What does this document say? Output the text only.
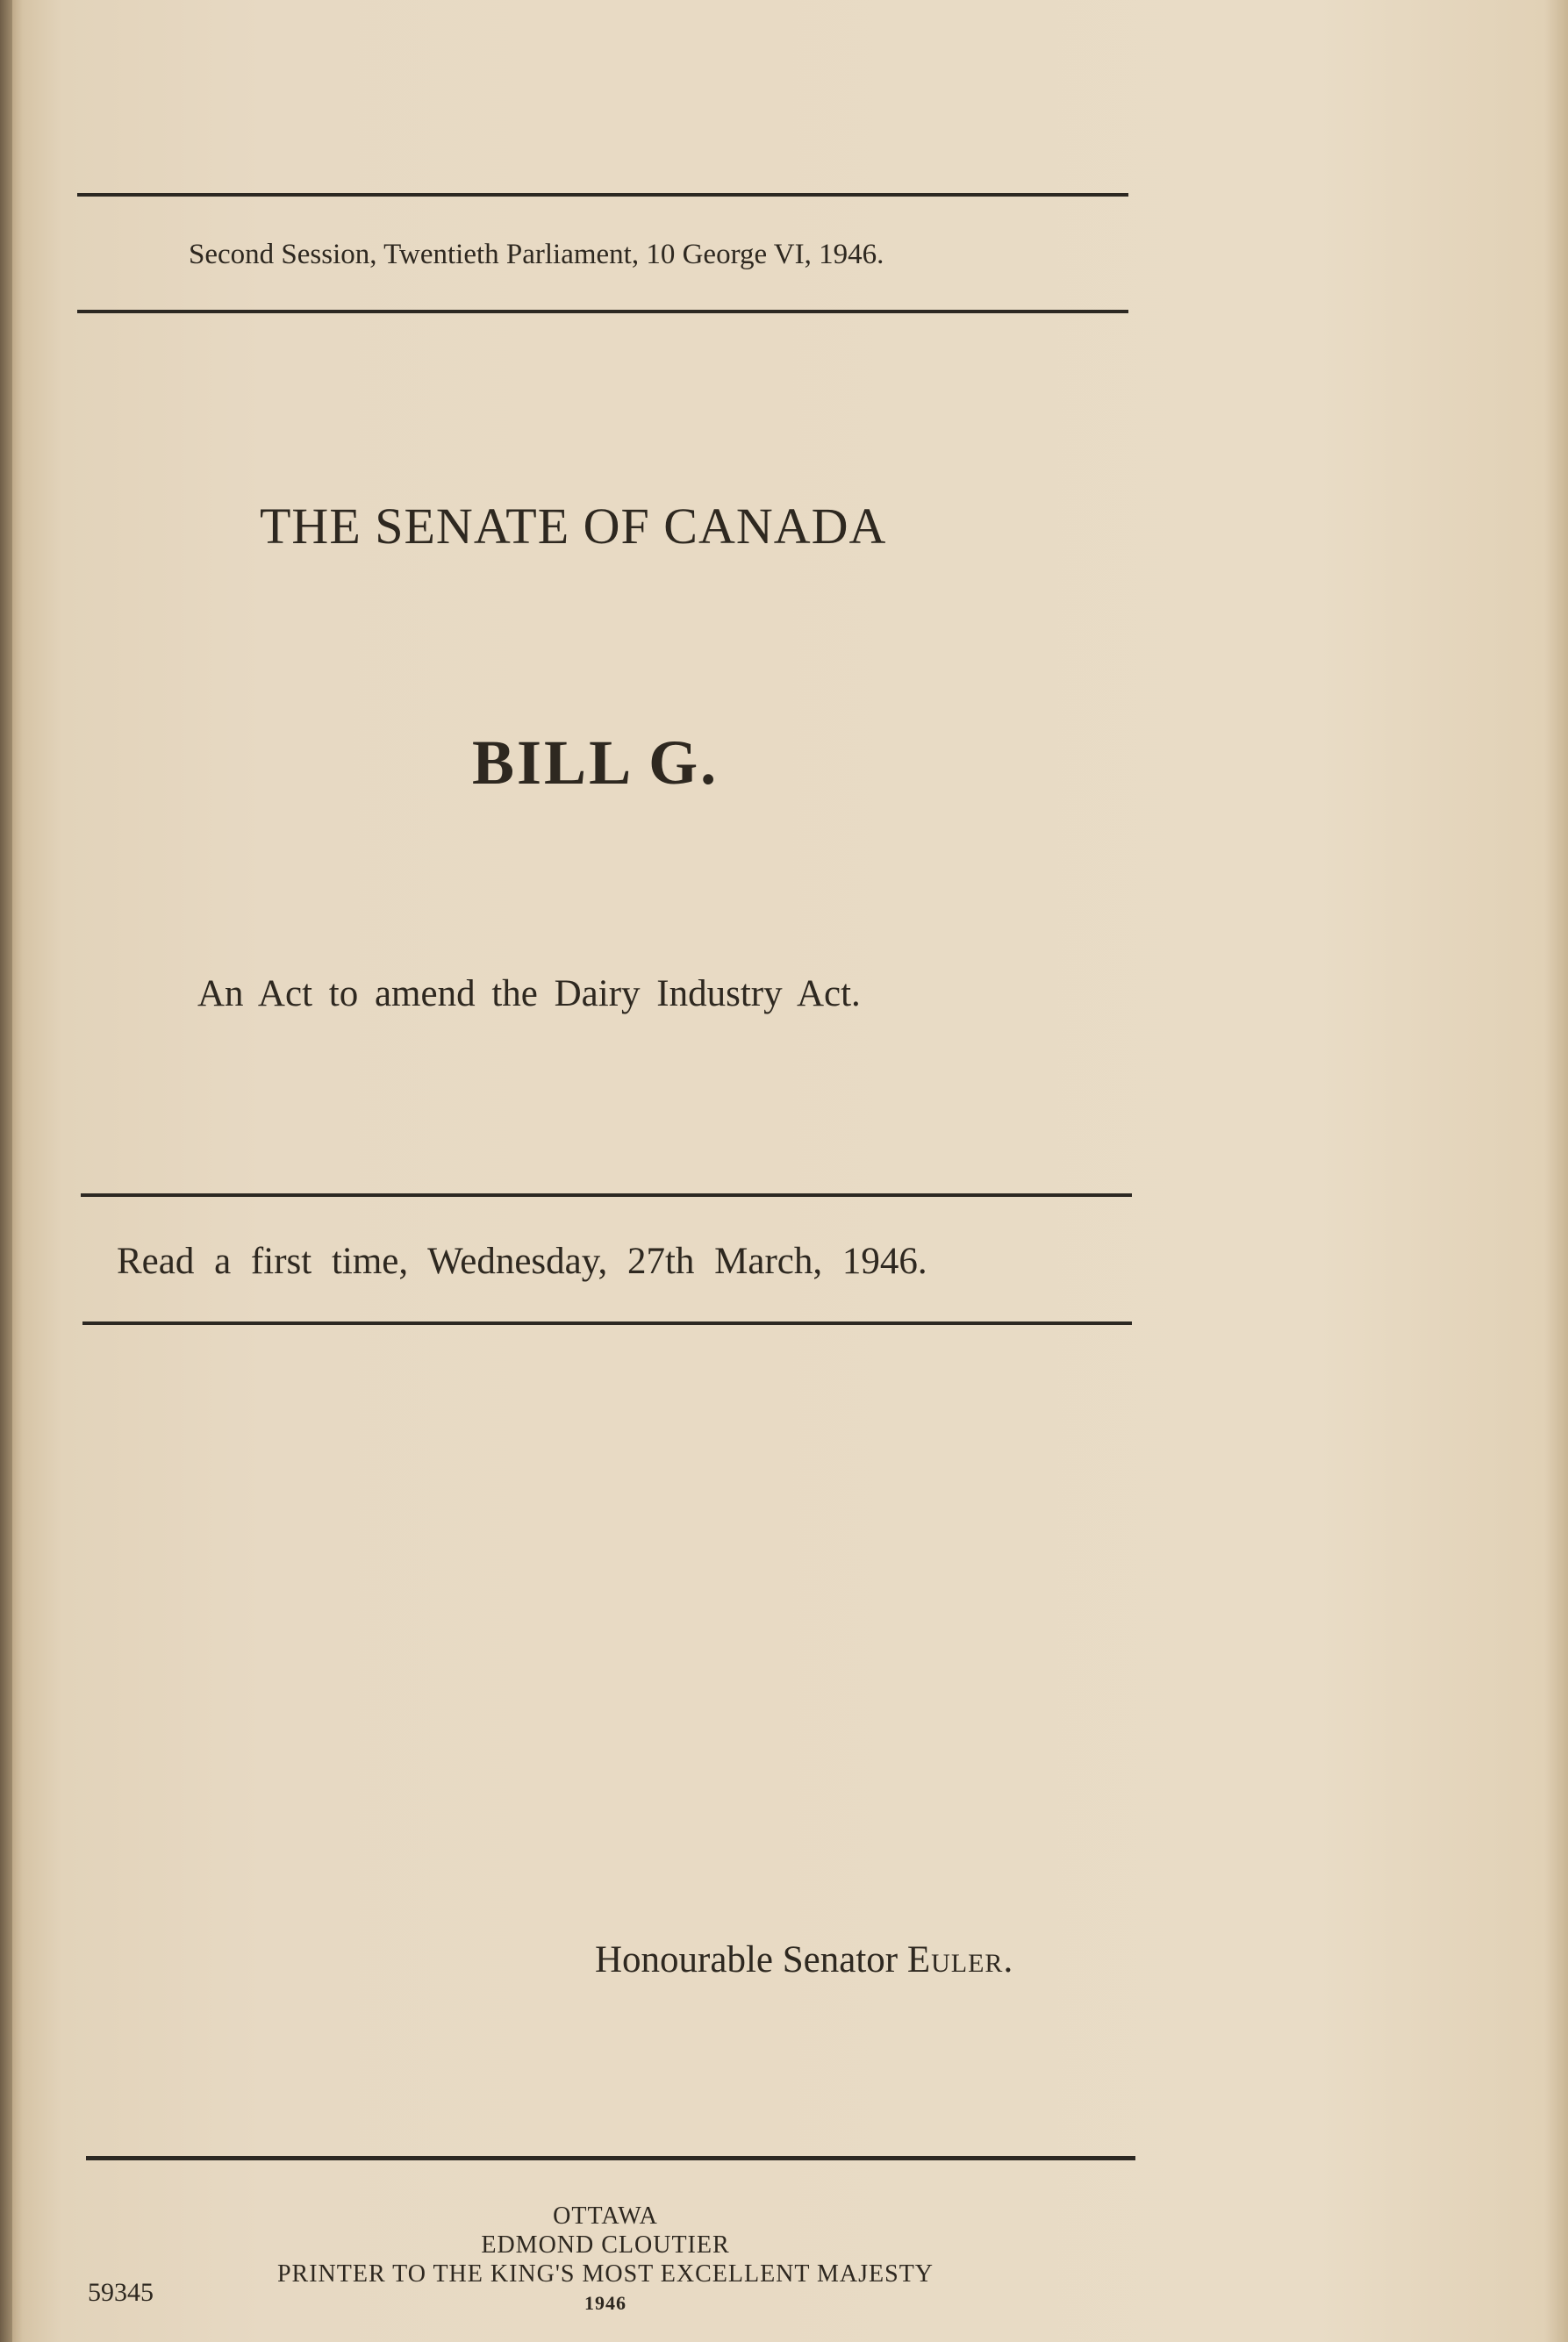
Second Session, Twentieth Parliament, 10 George VI, 1946.
THE SENATE OF CANADA
BILL G.
An Act to amend the Dairy Industry Act.
Read a first time, Wednesday, 27th March, 1946.
Honourable Senator Euler.
OTTAWA
EDMOND CLOUTIER
PRINTER TO THE KING'S MOST EXCELLENT MAJESTY
1946
59345
